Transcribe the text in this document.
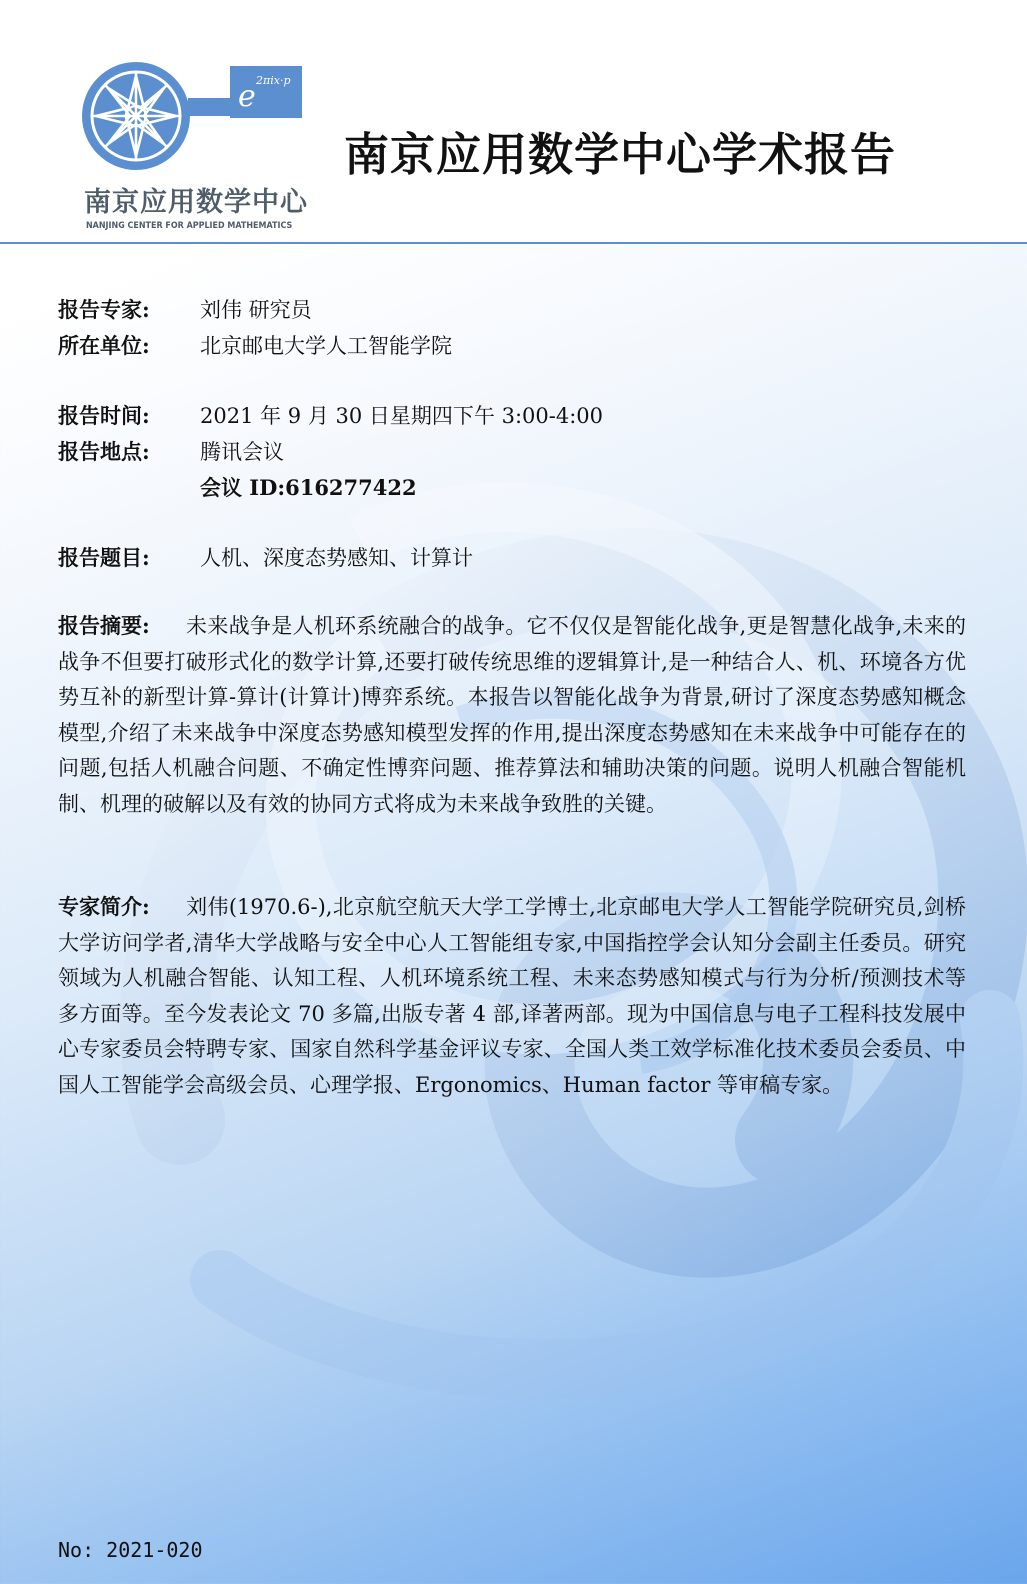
e 2πix·p
南京应用数学中心
NANJING CENTER FOR APPLIED MATHEMATICS
南京应用数学中心学术报告
报告专家: 刘伟 研究员
所在单位: 北京邮电大学人工智能学院
报告时间: 2021 年 9 月 30 日星期四下午 3:00-4:00
报告地点: 腾讯会议
会议 ID:616277422
报告题目: 人机、深度态势感知、计算计

报告摘要: 未来战争是人机环系统融合的战争。它不仅仅是智能化战争,更是智慧化战争,未来的战争不但要打破形式化的数学计算,还要打破传统思维的逻辑算计,是一种结合人、机、环境各方优势互补的新型计算-算计(计算计)博弈系统。本报告以智能化战争为背景,研讨了深度态势感知概念模型,介绍了未来战争中深度态势感知模型发挥的作用,提出深度态势感知在未来战争中可能存在的问题,包括人机融合问题、不确定性博弈问题、推荐算法和辅助决策的问题。说明人机融合智能机制、机理的破解以及有效的协同方式将成为未来战争致胜的关键。

专家简介: 刘伟(1970.6-),北京航空航天大学工学博士,北京邮电大学人工智能学院研究员,剑桥大学访问学者,清华大学战略与安全中心人工智能组专家,中国指控学会认知分会副主任委员。研究领域为人机融合智能、认知工程、人机环境系统工程、未来态势感知模式与行为分析/预测技术等多方面等。至今发表论文 70 多篇,出版专著 4 部,译著两部。现为中国信息与电子工程科技发展中心专家委员会特聘专家、国家自然科学基金评议专家、全国人类工效学标准化技术委员会委员、中国人工智能学会高级会员、心理学报、Ergonomics、Human factor 等审稿专家。

No: 2021-020
